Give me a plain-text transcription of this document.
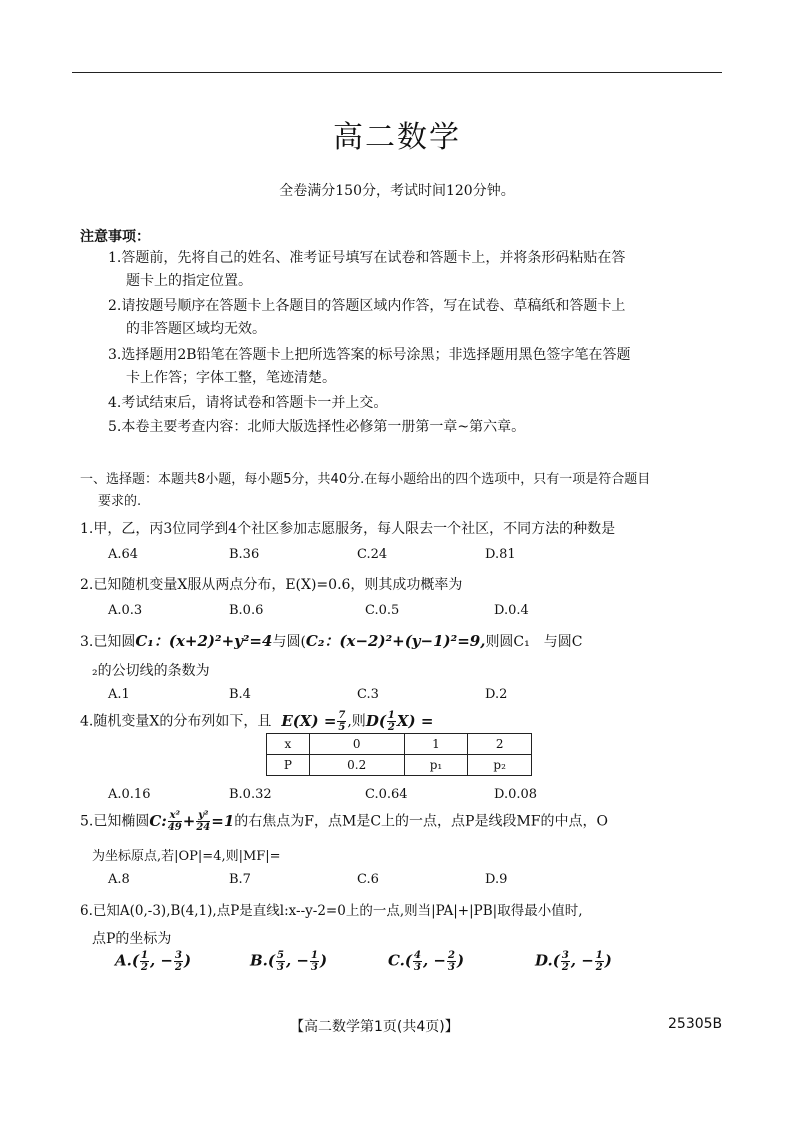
高二数学
全卷满分150分，考试时间120分钟。
注意事项：
1.答题前，先将自己的姓名、准考证号填写在试卷和答题卡上，并将条形码粘贴在答
题卡上的指定位置。
2.请按题号顺序在答题卡上各题目的答题区域内作答，写在试卷、草稿纸和答题卡上
的非答题区域均无效。
3.选择题用2B铅笔在答题卡上把所选答案的标号涂黑；非选择题用黑色签字笔在答题
卡上作答；字体工整，笔迹清楚。
4.考试结束后，请将试卷和答题卡一并上交。
5.本卷主要考查内容：北师大版选择性必修第一册第一章~第六章。
一、选择题：本题共8小题，每小题5分，共40分.在每小题给出的四个选项中，只有一项是符合题目
要求的.
1.甲，乙，丙3位同学到4个社区参加志愿服务，每人限去一个社区，不同方法的种数是
A.64	B.36	C.24	D.81
2.已知随机变量X服从两点分布，E(X)=0.6，则其成功概率为
A.0.3	B.0.6	C.0.5	D.0.4
3.已知圆C₁：(x+2)²+y²=4与圆(C₂：(x−2)²+(y−1)²=9,则圆C₁　与圆C
₂的公切线的条数为
A.1	B.4	C.3	D.2
4.随机变量X的分布列如下，且 $E(X) = \frac{7}{5}$ ,则$D( \frac{1}{2} X)$ =
x	0	1	2
P	0.2	p₁	p₂
A.0.16	B.0.32	C.0.64	D.0.08
5.已知椭圆C: $\frac{\text{x²}}{49} + \frac{\text{y²}}{24} =1$的右焦点为F，点M是C上的一点，点P是线段MF的中点，O
为坐标原点,若|OP|=4,则|MF|=
A.8	B.7	C.6	D.9
6.已知A(0,-3),B(4,1),点P是直线l:x--y-2=0上的一点,则当|PA|+|PB|取得最小值时,
点P的坐标为
$A.( \frac{1}{2}$ , − $\frac{3}{2}$ )	$B.( \frac{5}{3}$ , − $\frac{1}{3}$ )	$C.( \frac{4}{3}$ , − $\frac{2}{3}$ )	$D.( \frac{3}{2}$ , − $\frac{1}{2}$ )
【高二数学第1页(共4页)】	25305B
